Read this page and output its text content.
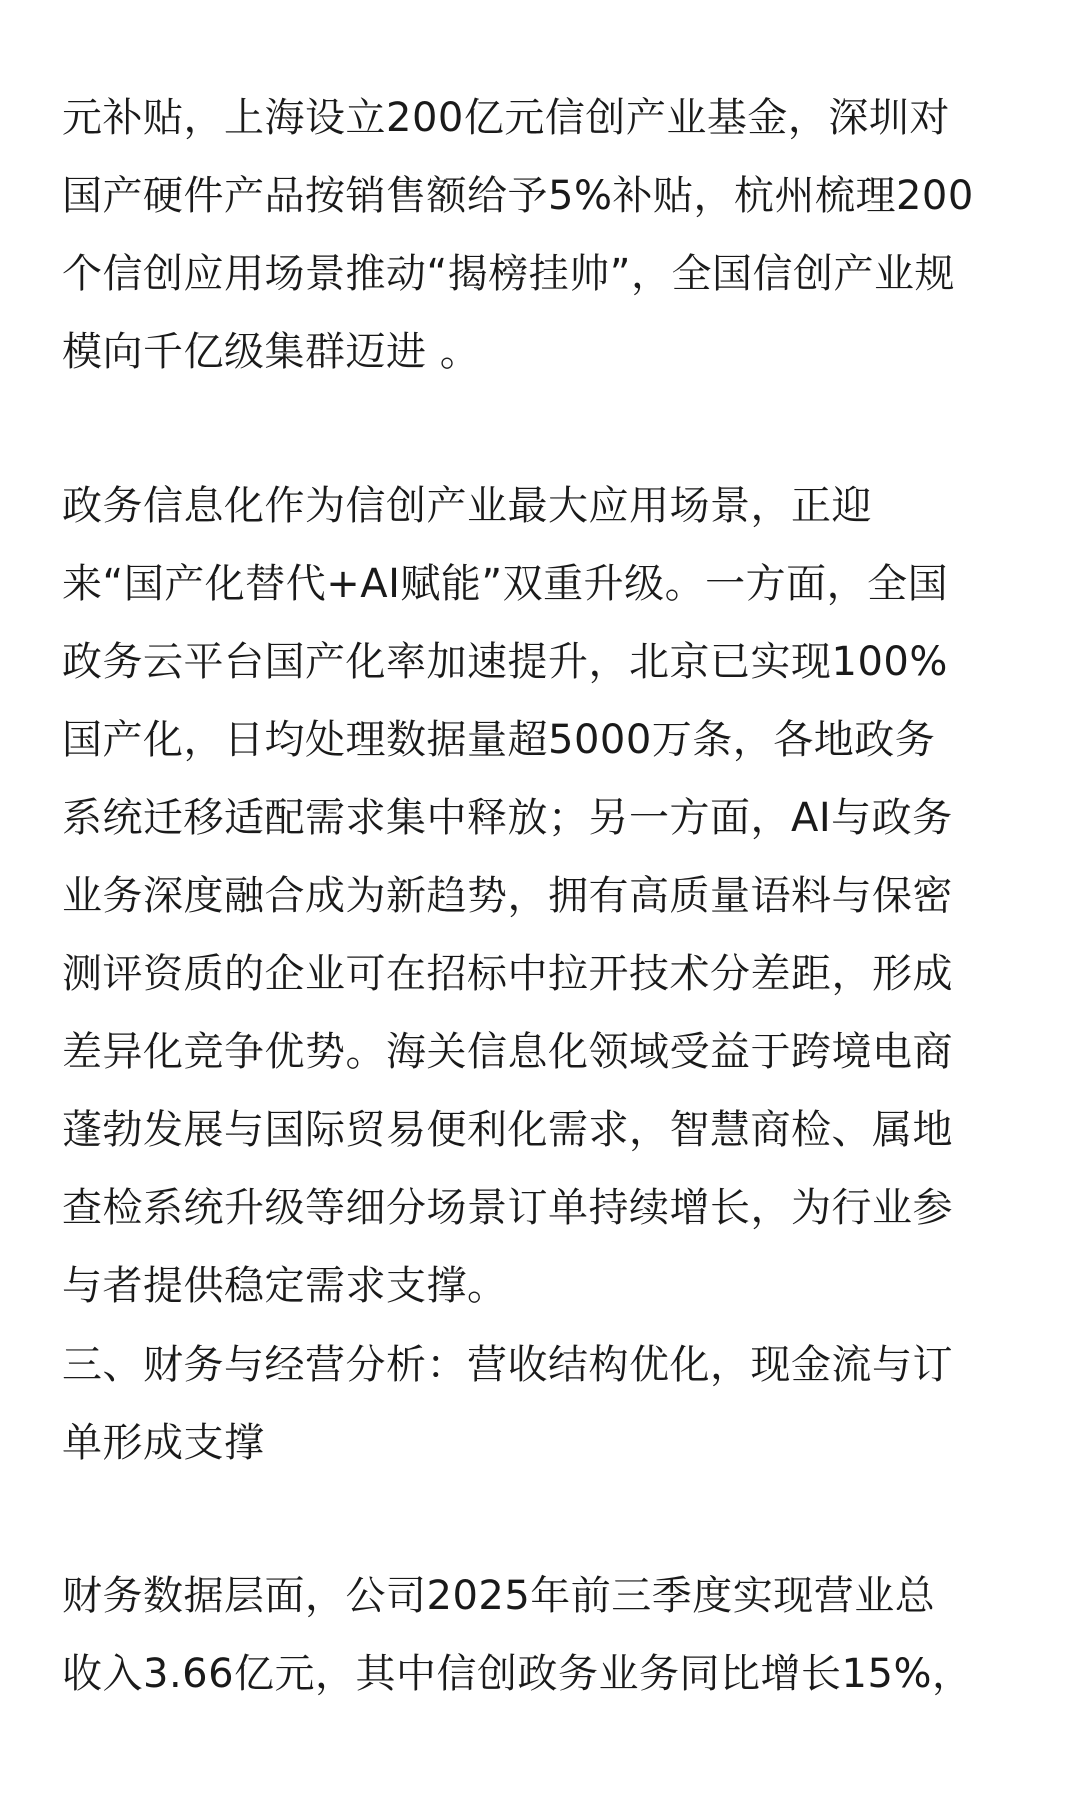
元补贴，上海设立200亿元信创产业基金，深圳对
国产硬件产品按销售额给予5%补贴，杭州梳理200
个信创应用场景推动“揭榜挂帅”，全国信创产业规
模向千亿级集群迈进 。

政务信息化作为信创产业最大应用场景，正迎
来“国产化替代+AI赋能”双重升级。一方面，全国
政务云平台国产化率加速提升，北京已实现100%
国产化，日均处理数据量超5000万条，各地政务
系统迁移适配需求集中释放；另一方面，AI与政务
业务深度融合成为新趋势，拥有高质量语料与保密
测评资质的企业可在招标中拉开技术分差距，形成
差异化竞争优势。海关信息化领域受益于跨境电商
蓬勃发展与国际贸易便利化需求，智慧商检、属地
查检系统升级等细分场景订单持续增长，为行业参
与者提供稳定需求支撑。

三、财务与经营分析：营收结构优化，现金流与订
单形成支撑

财务数据层面，公司2025年前三季度实现营业总
收入3.66亿元，其中信创政务业务同比增长15%，
